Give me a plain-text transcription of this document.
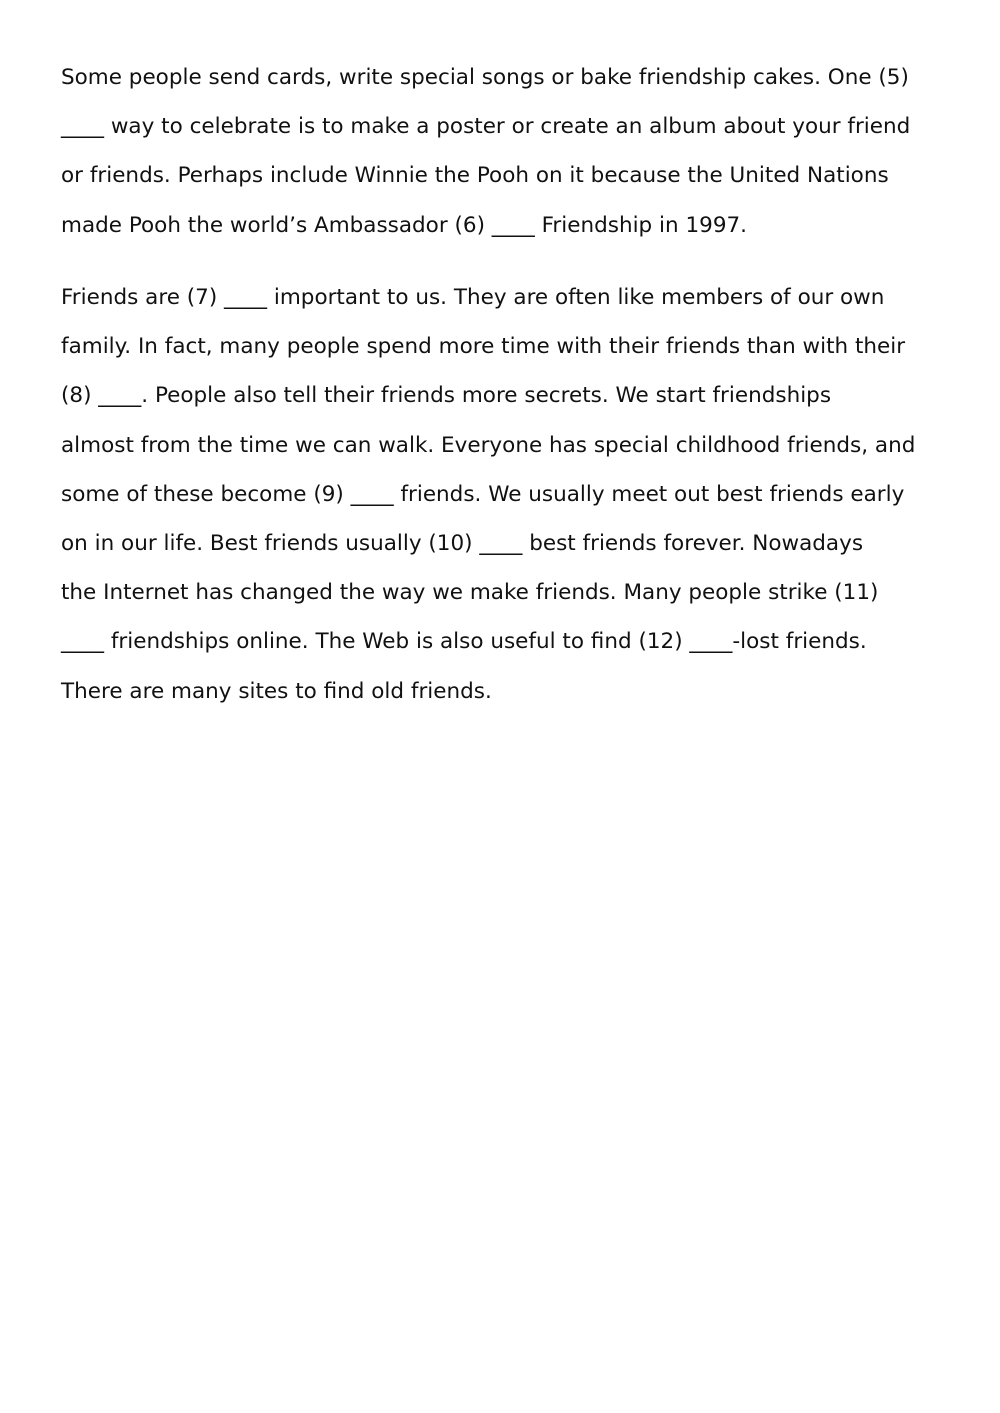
Some people send cards, write special songs or bake friendship cakes. One (5)
____ way to celebrate is to make a poster or create an album about your friend
or friends. Perhaps include Winnie the Pooh on it because the United Nations
made Pooh the world’s Ambassador (6) ____ Friendship in 1997.

Friends are (7) ____ important to us. They are often like members of our own
family. In fact, many people spend more time with their friends than with their
(8) ____. People also tell their friends more secrets. We start friendships
almost from the time we can walk. Everyone has special childhood friends, and
some of these become (9) ____ friends. We usually meet out best friends early
on in our life. Best friends usually (10) ____ best friends forever. Nowadays
the Internet has changed the way we make friends. Many people strike (11)
____ friendships online. The Web is also useful to find (12) ____-lost friends.
There are many sites to find old friends.
